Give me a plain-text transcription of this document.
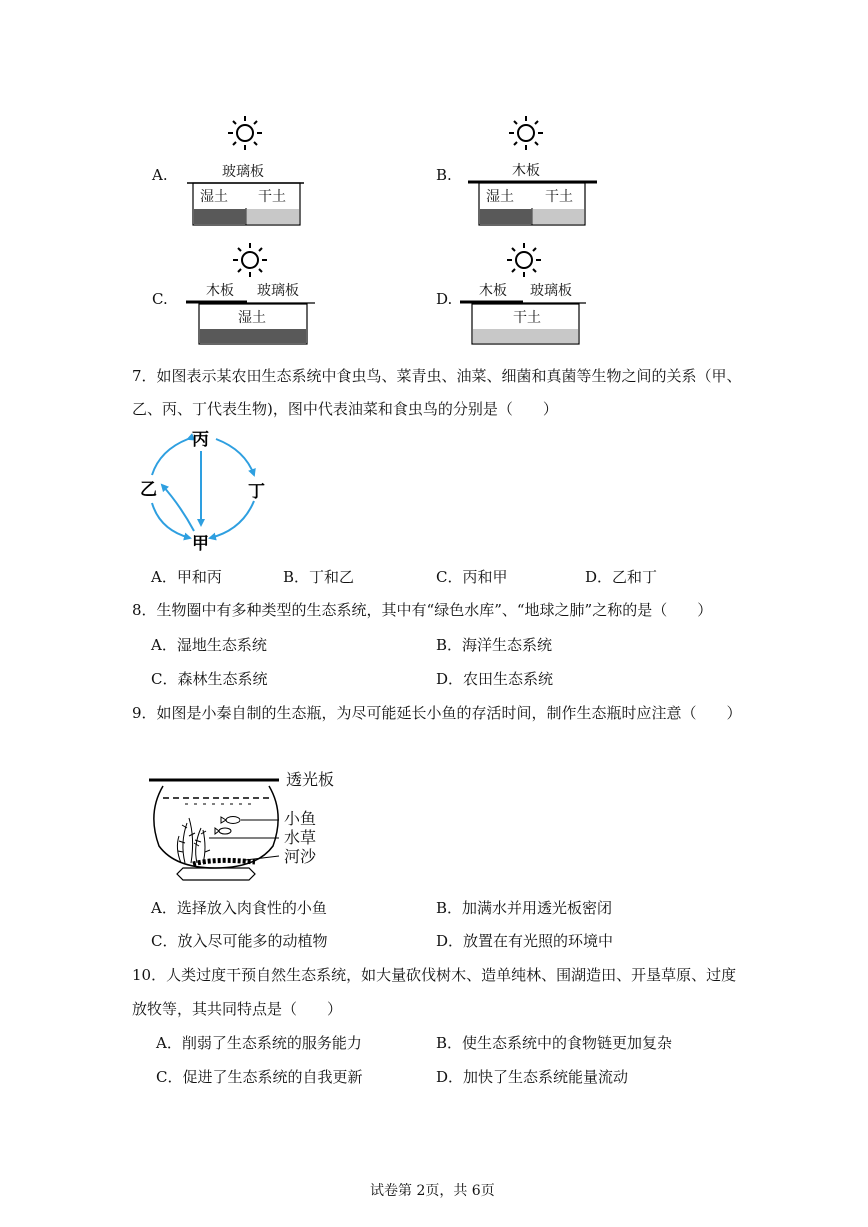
A.	玻璃板
湿土 干土
B.	木板
湿土 干土
C.	木板 玻璃板
湿土
D. 木板 玻璃板
干土
7．如图表示某农田生态系统中食虫鸟、菜青虫、油菜、细菌和真菌等生物之间的关系（甲、
乙、丙、丁代表生物)，图中代表油菜和食虫鸟的分别是（　　）
丙
丁
甲
乙
A．甲和丙	B．丁和乙	C．丙和甲	D．乙和丁
8．生物圈中有多种类型的生态系统，其中有“绿色水库”、“地球之肺”之称的是（　　）
A．湿地生态系统	B．海洋生态系统
C．森林生态系统	D．农田生态系统
9．如图是小秦自制的生态瓶，为尽可能延长小鱼的存活时间，制作生态瓶时应注意（　　）
透光板
小鱼
水草
河沙
A．选择放入肉食性的小鱼	B．加满水并用透光板密闭
C．放入尽可能多的动植物	D．放置在有光照的环境中
10．人类过度干预自然生态系统，如大量砍伐树木、造单纯林、围湖造田、开垦草原、过度
放牧等，其共同特点是（　　）
A．削弱了生态系统的服务能力	B．使生态系统中的食物链更加复杂
C．促进了生态系统的自我更新	D．加快了生态系统能量流动
试卷第 2页，共 6页
